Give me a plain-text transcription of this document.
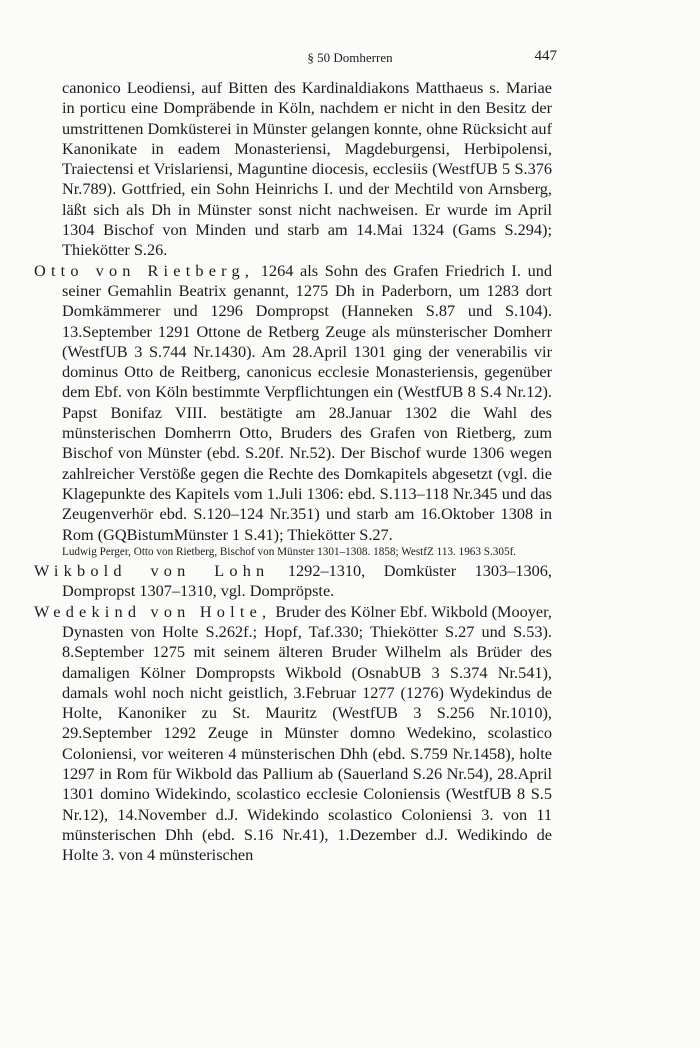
§ 50 Domherren	447

canonico Leodiensi, auf Bitten des Kardinaldiakons Matthaeus s. Mariae in porticu eine Dompräbende in Köln, nachdem er nicht in den Besitz der umstrittenen Domküsterei in Münster gelangen konnte, ohne Rücksicht auf Kanonikate in eadem Monasteriensi, Magdeburgensi, Herbipolensi, Traiectensi et Vrislariensi, Maguntine diocesis, ecclesiis (WestfUB 5 S.376 Nr.789). Gottfried, ein Sohn Heinrichs I. und der Mechtild von Arnsberg, läßt sich als Dh in Münster sonst nicht nachweisen. Er wurde im April 1304 Bischof von Minden und starb am 14.Mai 1324 (Gams S.294); Thiekötter S.26.

Otto von Rietberg, 1264 als Sohn des Grafen Friedrich I. und seiner Gemahlin Beatrix genannt, 1275 Dh in Paderborn, um 1283 dort Domkämmerer und 1296 Dompropst (Hanneken S.87 und S.104). 13.September 1291 Ottone de Retberg Zeuge als münsterischer Domherr (WestfUB 3 S.744 Nr.1430). Am 28.April 1301 ging der venerabilis vir dominus Otto de Reitberg, canonicus ecclesie Monasteriensis, gegenüber dem Ebf. von Köln bestimmte Verpflichtungen ein (WestfUB 8 S.4 Nr.12). Papst Bonifaz VIII. bestätigte am 28.Januar 1302 die Wahl des münsterischen Domherrn Otto, Bruders des Grafen von Rietberg, zum Bischof von Münster (ebd. S.20f. Nr.52). Der Bischof wurde 1306 wegen zahlreicher Verstöße gegen die Rechte des Domkapitels abgesetzt (vgl. die Klagepunkte des Kapitels vom 1.Juli 1306: ebd. S.113–118 Nr.345 und das Zeugenverhör ebd. S.120–124 Nr.351) und starb am 16.Oktober 1308 in Rom (GQBistumMünster 1 S.41); Thiekötter S.27.

Ludwig Perger, Otto von Rietberg, Bischof von Münster 1301–1308. 1858; WestfZ 113. 1963 S.305f.

Wikbold von Lohn 1292–1310, Domküster 1303–1306, Dompropst 1307–1310, vgl. Dompröpste.

Wedekind von Holte, Bruder des Kölner Ebf. Wikbold (Mooyer, Dynasten von Holte S.262f.; Hopf, Taf.330; Thiekötter S.27 und S.53). 8.September 1275 mit seinem älteren Bruder Wilhelm als Brüder des damaligen Kölner Dompropsts Wikbold (OsnabUB 3 S.374 Nr.541), damals wohl noch nicht geistlich, 3.Februar 1277 (1276) Wydekindus de Holte, Kanoniker zu St. Mauritz (WestfUB 3 S.256 Nr.1010), 29.September 1292 Zeuge in Münster domno Wedekino, scolastico Coloniensi, vor weiteren 4 münsterischen Dhh (ebd. S.759 Nr.1458), holte 1297 in Rom für Wikbold das Pallium ab (Sauerland S.26 Nr.54), 28.April 1301 domino Widekindo, scolastico ecclesie Coloniensis (WestfUB 8 S.5 Nr.12), 14.November d.J. Widekindo scolastico Coloniensi 3. von 11 münsterischen Dhh (ebd. S.16 Nr.41), 1.Dezember d.J. Wedikindo de Holte 3. von 4 münsterischen
